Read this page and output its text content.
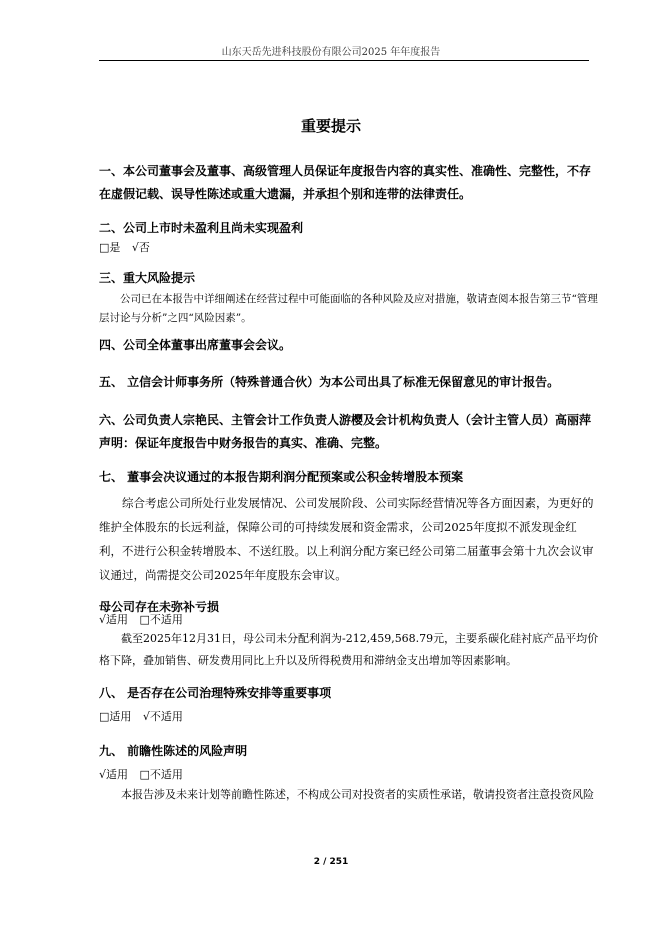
山东天岳先进科技股份有限公司2025 年年度报告
重要提示
一、本公司董事会及董事、高级管理人员保证年度报告内容的真实性、准确性、完整性，不存在虚假记载、误导性陈述或重大遗漏，并承担个别和连带的法律责任。
二、公司上市时未盈利且尚未实现盈利
□是 √否
三、重大风险提示
公司已在本报告中详细阐述在经营过程中可能面临的各种风险及应对措施，敬请查阅本报告第三节“管理层讨论与分析”之四“风险因素”。
四、公司全体董事出席董事会会议。
五、 立信会计师事务所（特殊普通合伙）为本公司出具了标准无保留意见的审计报告。
六、公司负责人宗艳民、主管会计工作负责人游樱及会计机构负责人（会计主管人员）高丽萍声明：保证年度报告中财务报告的真实、准确、完整。
七、 董事会决议通过的本报告期利润分配预案或公积金转增股本预案
综合考虑公司所处行业发展情况、公司发展阶段、公司实际经营情况等各方面因素，为更好的维护全体股东的长远利益，保障公司的可持续发展和资金需求，公司2025年度拟不派发现金红利，不进行公积金转增股本、不送红股。以上利润分配方案已经公司第二届董事会第十九次会议审议通过，尚需提交公司2025年年度股东会审议。
母公司存在未弥补亏损
√适用 □不适用
截至2025年12月31日，母公司未分配利润为-212,459,568.79元，主要系碳化硅衬底产品平均价格下降，叠加销售、研发费用同比上升以及所得税费用和滞纳金支出增加等因素影响。
八、 是否存在公司治理特殊安排等重要事项
□适用 √不适用
九、 前瞻性陈述的风险声明
√适用 □不适用
本报告涉及未来计划等前瞻性陈述，不构成公司对投资者的实质性承诺，敬请投资者注意投资风险
2 / 251
